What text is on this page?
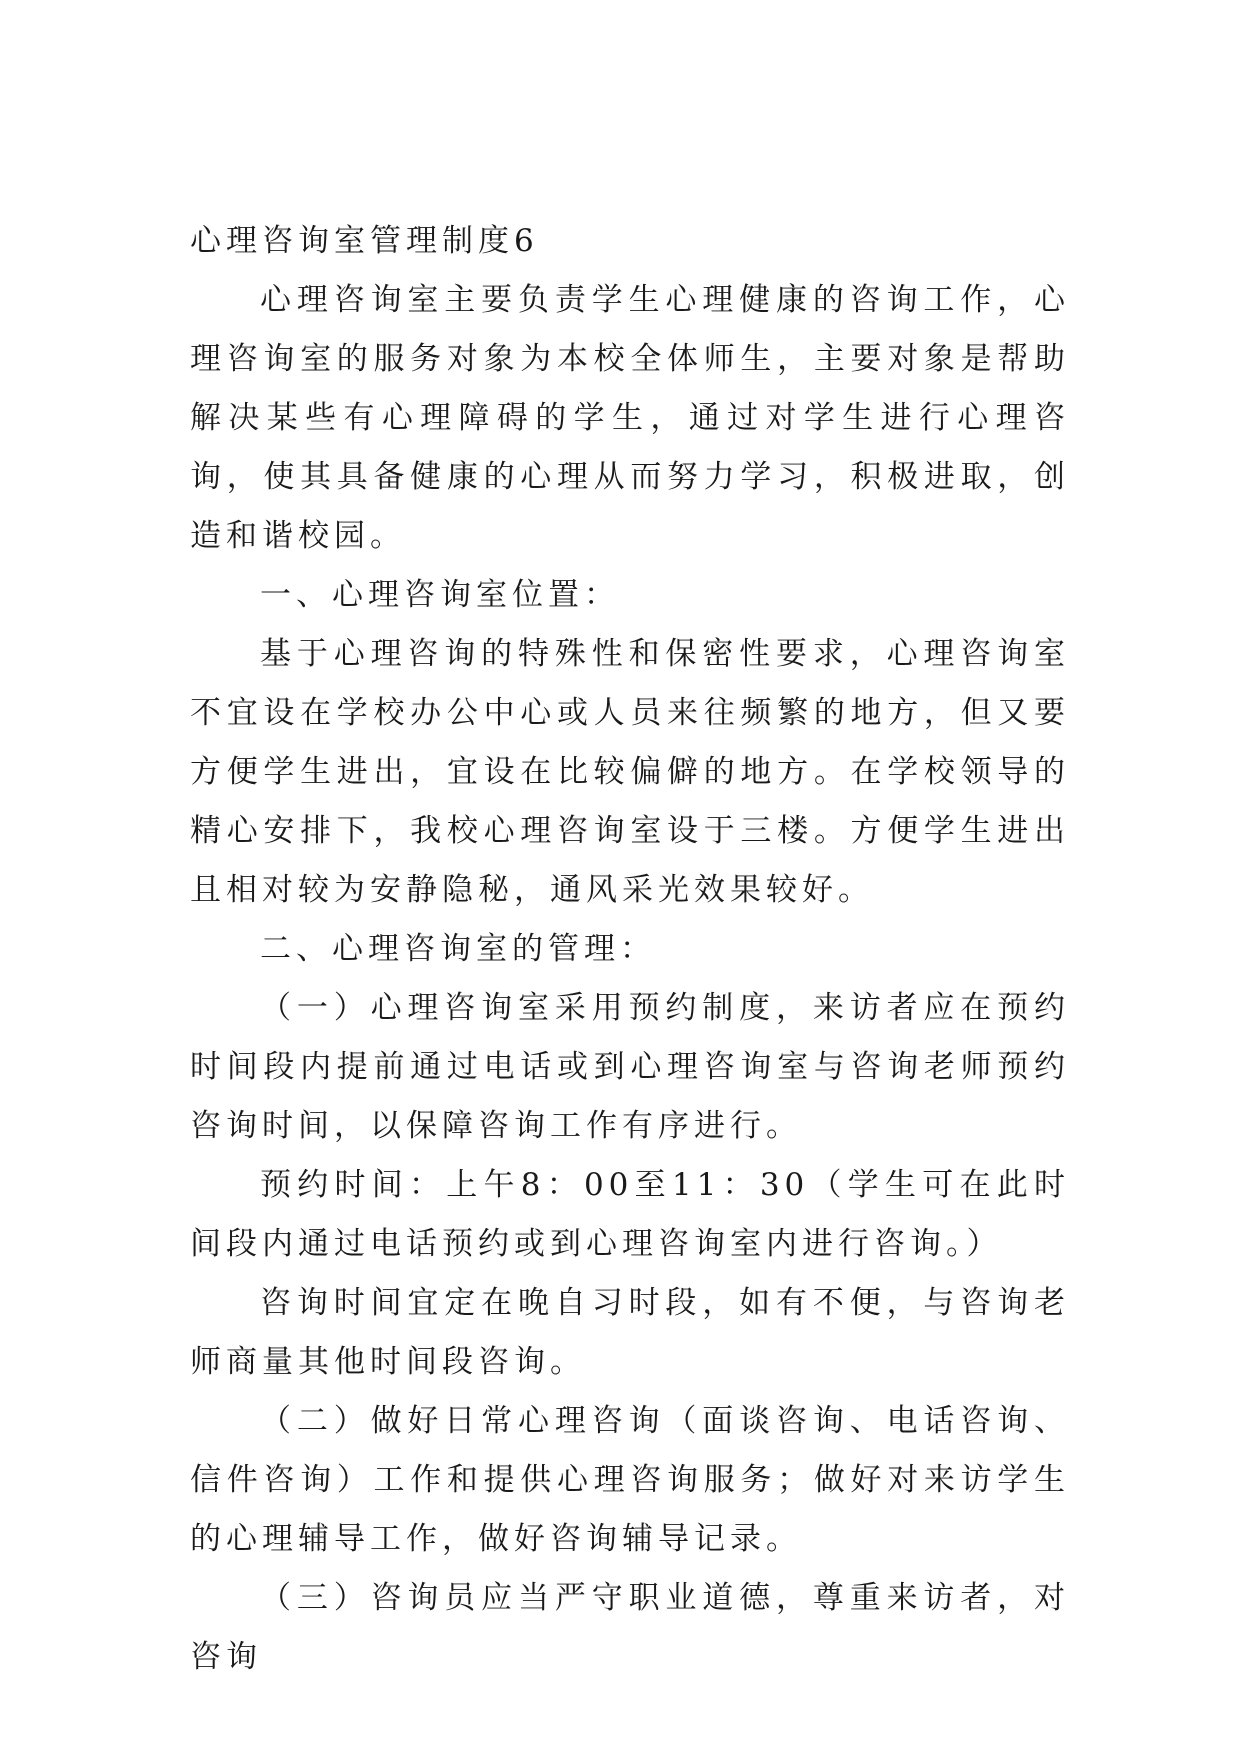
心理咨询室管理制度6

心理咨询室主要负责学生心理健康的咨询工作，心理咨询室的服务对象为本校全体师生，主要对象是帮助解决某些有心理障碍的学生，通过对学生进行心理咨询，使其具备健康的心理从而努力学习，积极进取，创造和谐校园。

一、心理咨询室位置：

基于心理咨询的特殊性和保密性要求，心理咨询室不宜设在学校办公中心或人员来往频繁的地方，但又要方便学生进出，宜设在比较偏僻的地方。在学校领导的精心安排下，我校心理咨询室设于三楼。方便学生进出且相对较为安静隐秘，通风采光效果较好。

二、心理咨询室的管理：

（一）心理咨询室采用预约制度，来访者应在预约时间段内提前通过电话或到心理咨询室与咨询老师预约咨询时间，以保障咨询工作有序进行。

预约时间：上午8：00至11：30（学生可在此时间段内通过电话预约或到心理咨询室内进行咨询。）

咨询时间宜定在晚自习时段，如有不便，与咨询老师商量其他时间段咨询。

（二）做好日常心理咨询（面谈咨询、电话咨询、信件咨询）工作和提供心理咨询服务；做好对来访学生的心理辅导工作，做好咨询辅导记录。

（三）咨询员应当严守职业道德，尊重来访者，对咨询
